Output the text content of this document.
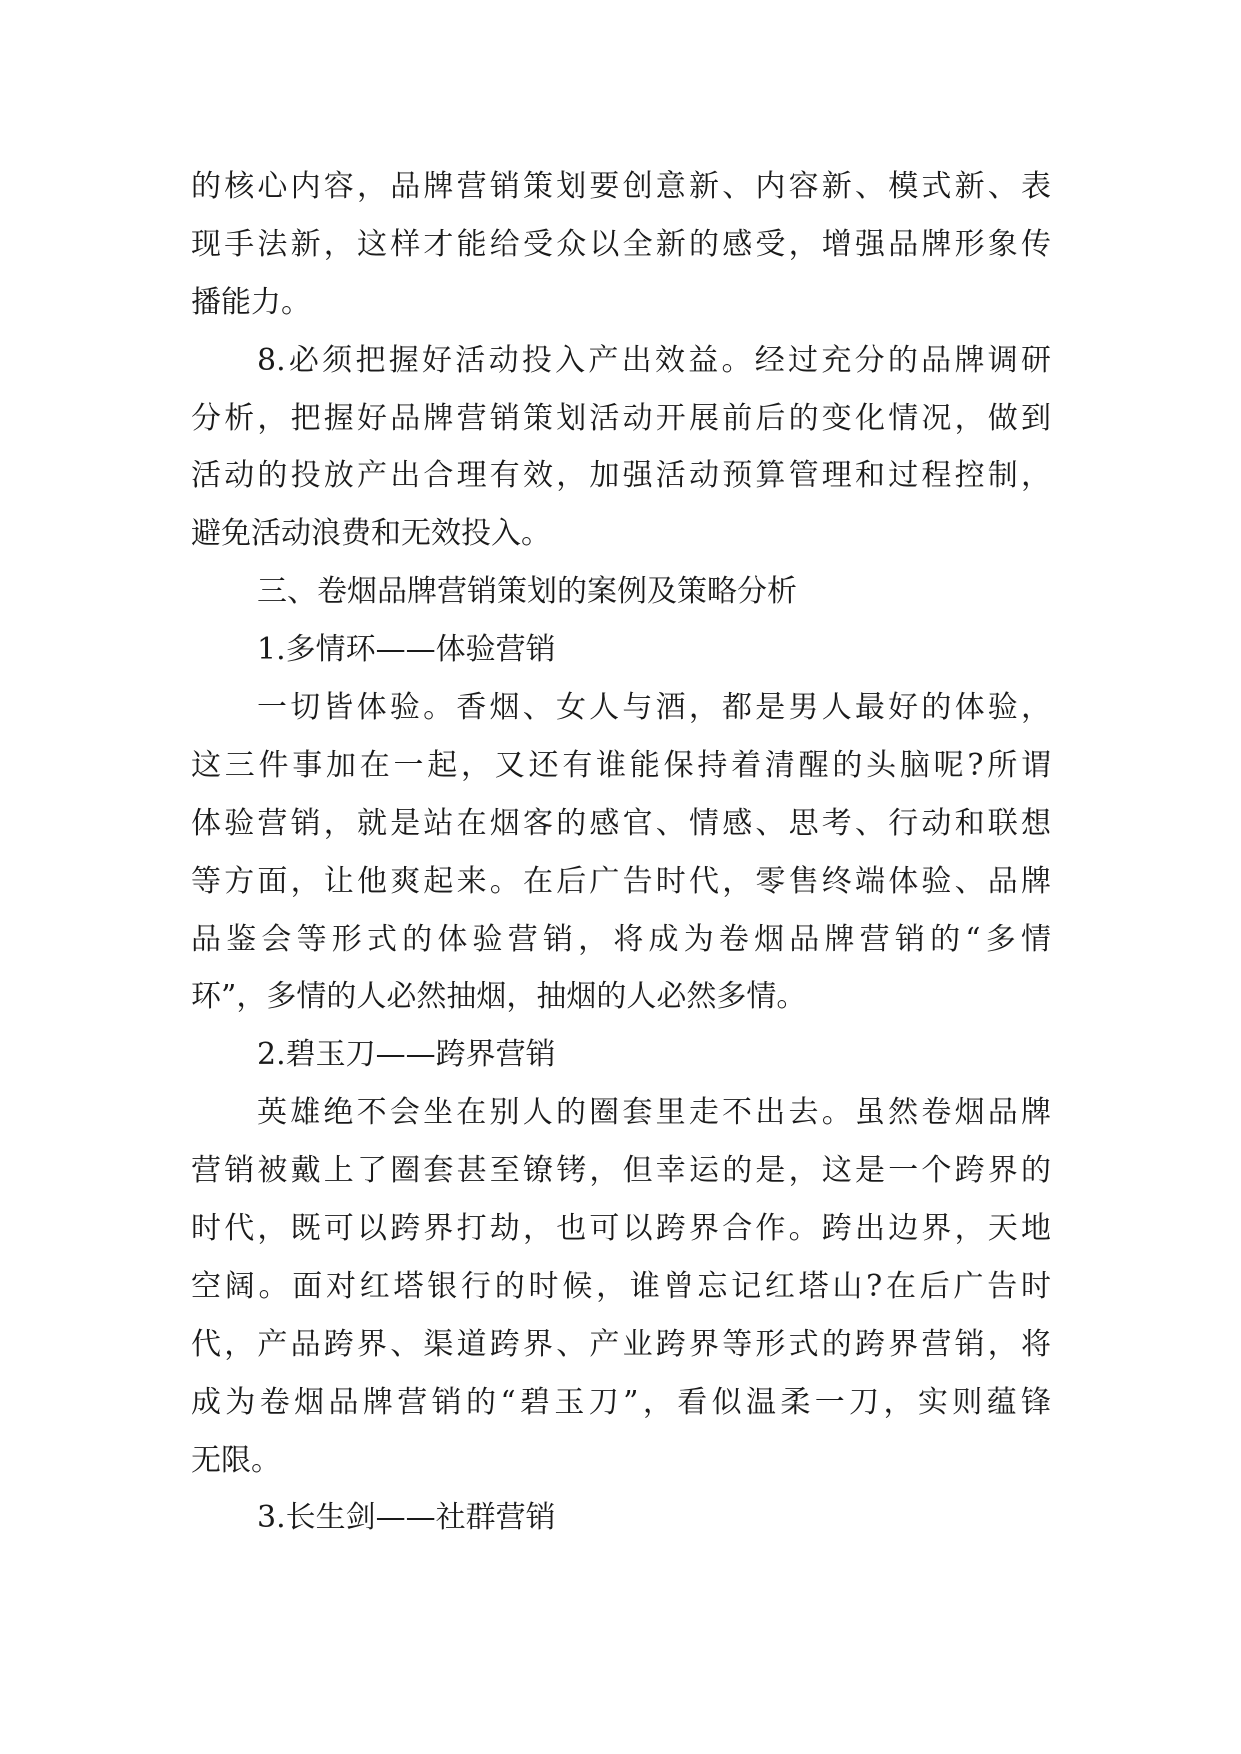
的核心内容，品牌营销策划要创意新、内容新、模式新、表
现手法新，这样才能给受众以全新的感受，增强品牌形象传
播能力。
8.必须把握好活动投入产出效益。经过充分的品牌调研
分析，把握好品牌营销策划活动开展前后的变化情况，做到
活动的投放产出合理有效，加强活动预算管理和过程控制，
避免活动浪费和无效投入。
三、卷烟品牌营销策划的案例及策略分析
1.多情环——体验营销
一切皆体验。香烟、女人与酒，都是男人最好的体验，
这三件事加在一起，又还有谁能保持着清醒的头脑呢?所谓
体验营销，就是站在烟客的感官、情感、思考、行动和联想
等方面，让他爽起来。在后广告时代，零售终端体验、品牌
品鉴会等形式的体验营销，将成为卷烟品牌营销的“多情
环”，多情的人必然抽烟，抽烟的人必然多情。
2.碧玉刀——跨界营销
英雄绝不会坐在别人的圈套里走不出去。虽然卷烟品牌
营销被戴上了圈套甚至镣铐，但幸运的是，这是一个跨界的
时代，既可以跨界打劫，也可以跨界合作。跨出边界，天地
空阔。面对红塔银行的时候，谁曾忘记红塔山?在后广告时
代，产品跨界、渠道跨界、产业跨界等形式的跨界营销，将
成为卷烟品牌营销的“碧玉刀”，看似温柔一刀，实则蕴锋
无限。
3.长生剑——社群营销
